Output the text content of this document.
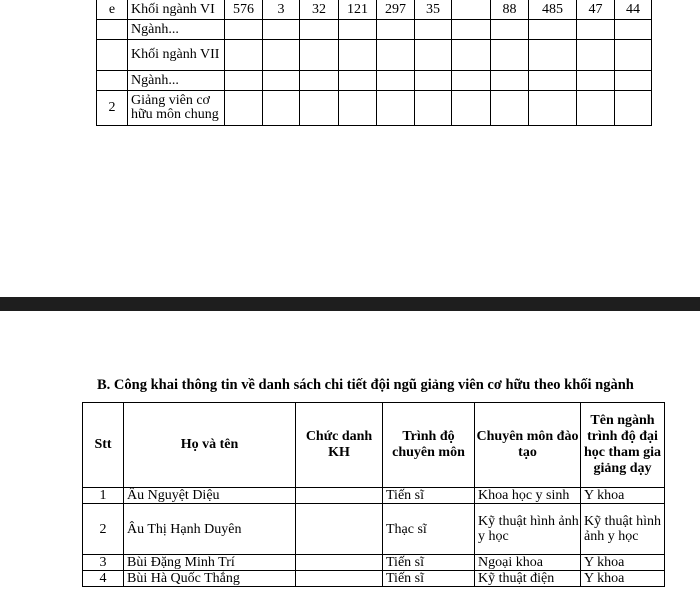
e	Khối ngành VI	576	3	32	121	297	35		88	485	47	44
	Ngành...											
	Khối ngành VII											
	Ngành...											
2	Giảng viên cơ hữu môn chung											
B. Công khai thông tin về danh sách chi tiết đội ngũ giảng viên cơ hữu theo khối ngành
Stt	Họ và tên	Chức danh KH	Trình độ chuyên môn	Chuyên môn đào tạo	Tên ngành trình độ đại học tham gia giảng dạy
1	Âu Nguyệt Diệu		Tiến sĩ	Khoa học y sinh	Y khoa
2	Âu Thị Hạnh Duyên		Thạc sĩ	Kỹ thuật hình ảnh y học	Kỹ thuật hình ảnh y học
3	Bùi Đặng Minh Trí		Tiến sĩ	Ngoại khoa	Y khoa
4	Bùi Hà Quốc Thắng		Tiến sĩ	Kỹ thuật điện	Y khoa
